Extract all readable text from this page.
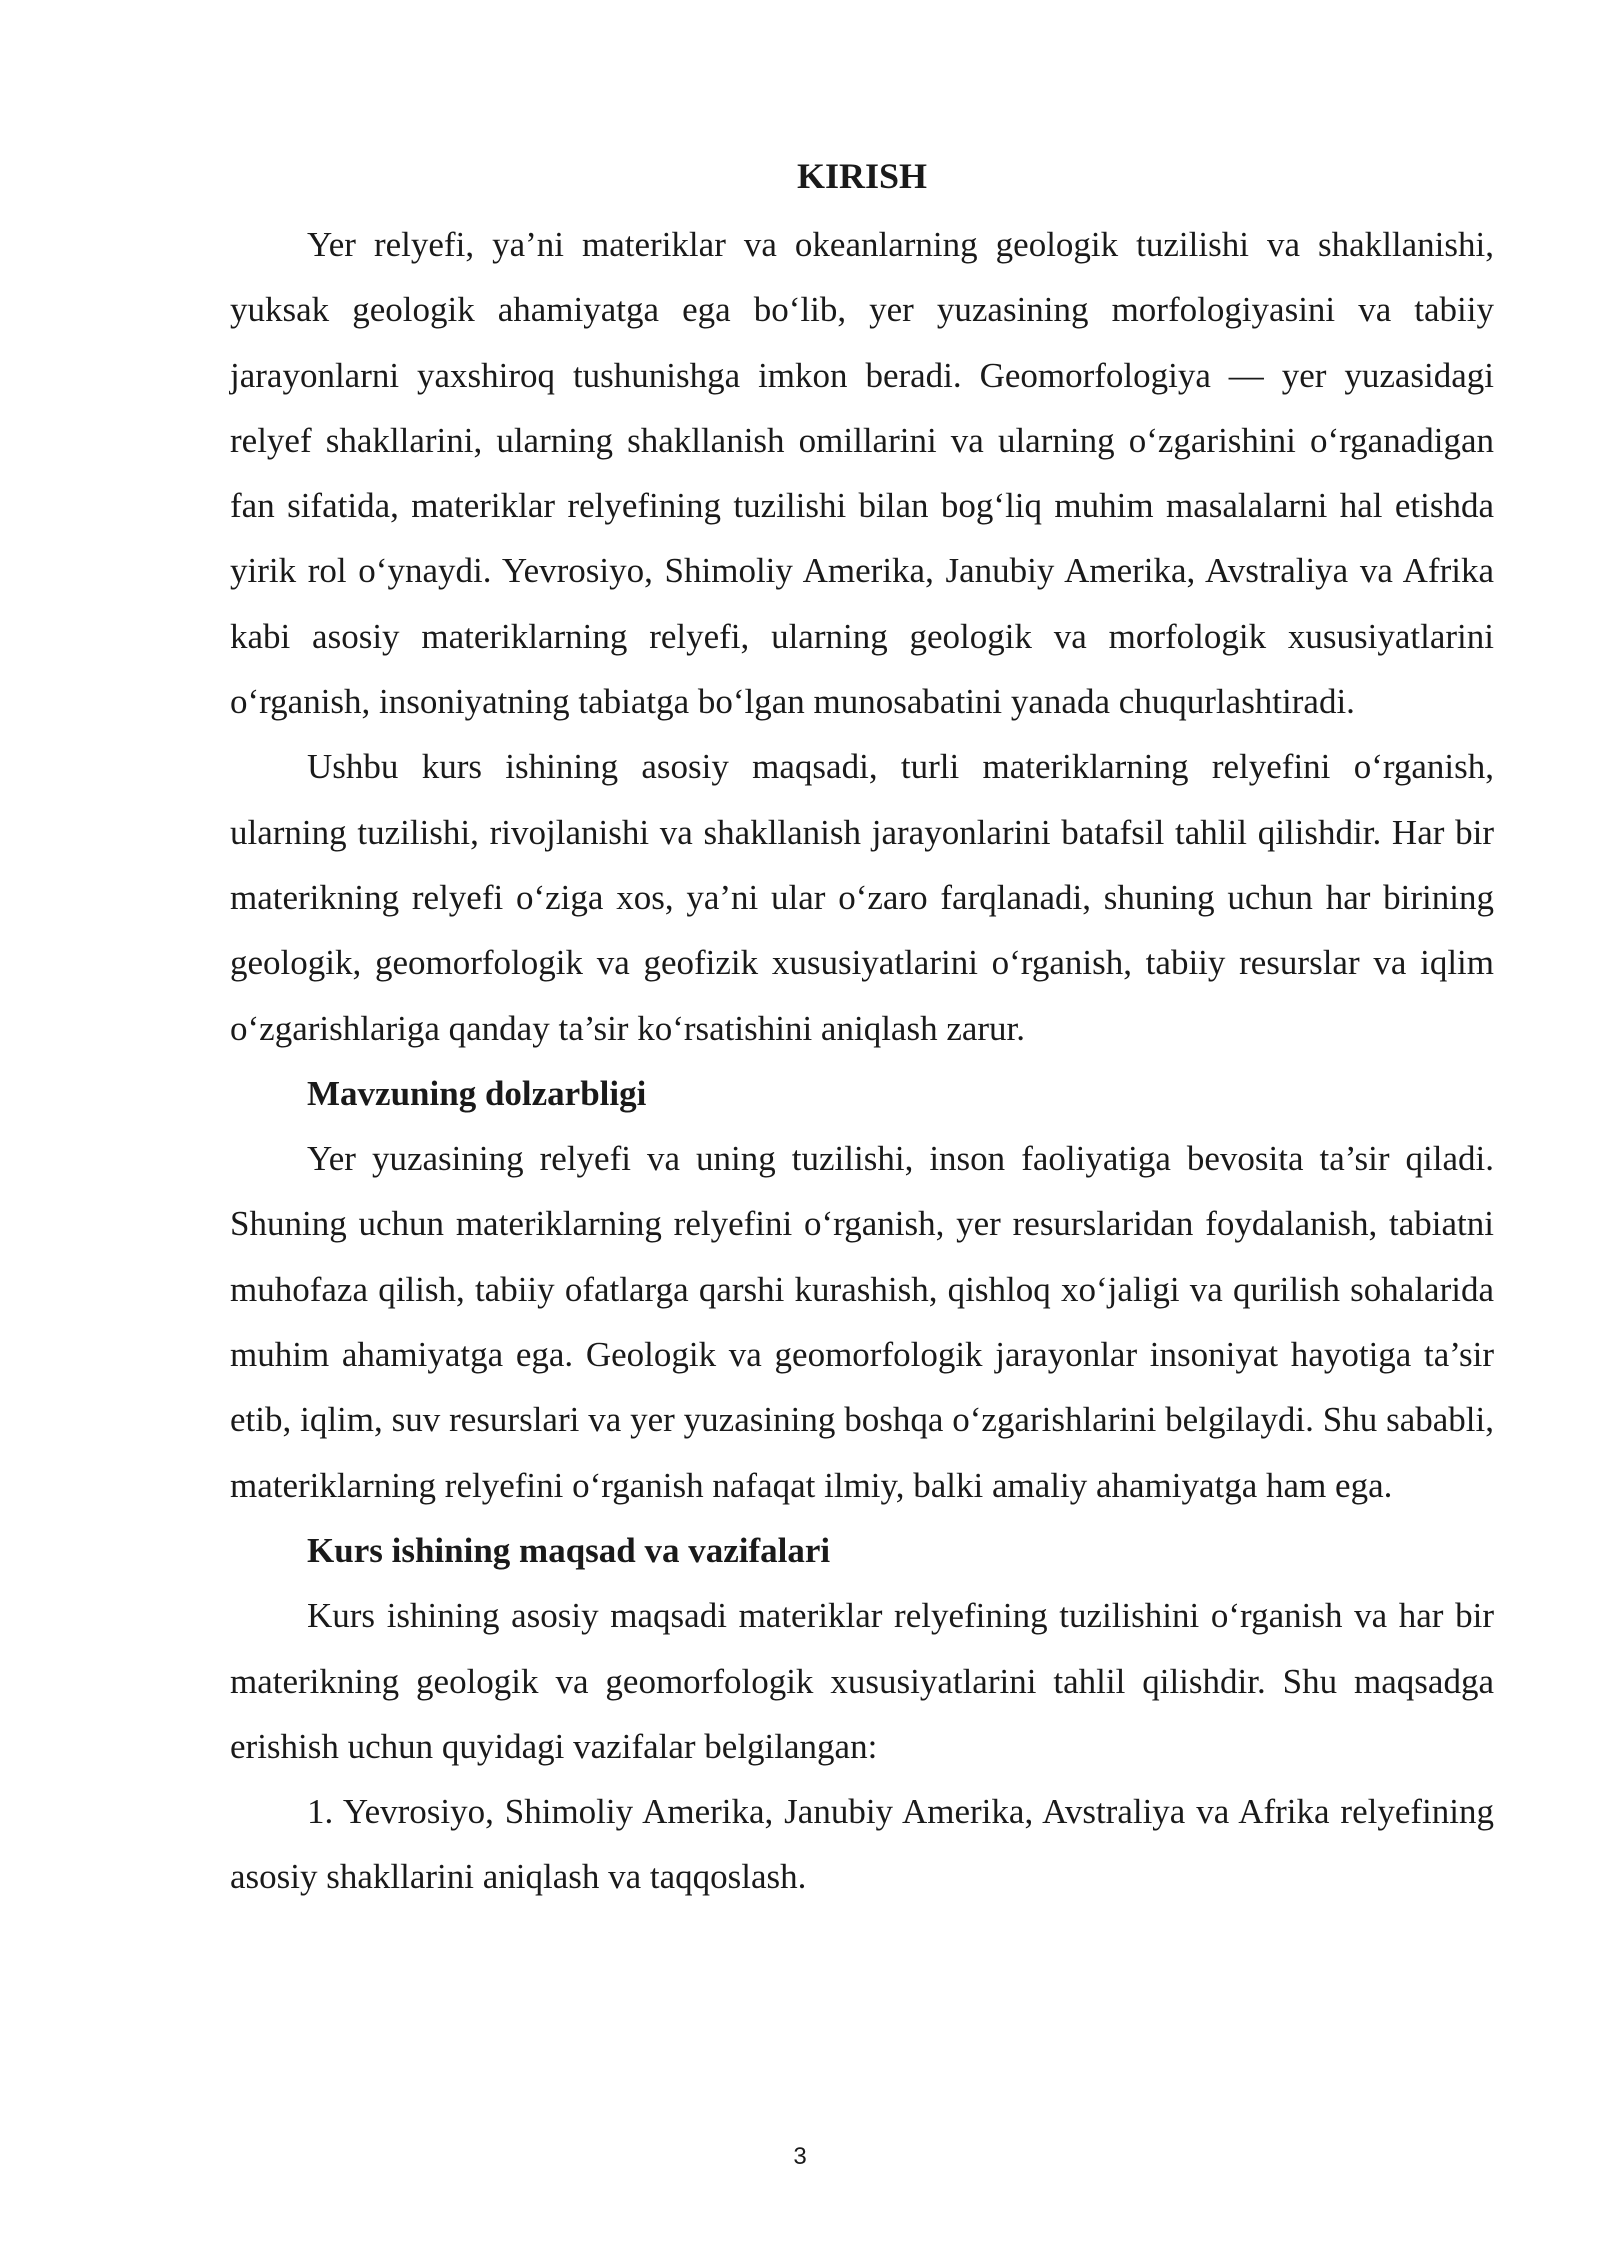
KIRISH

Yer relyefi, ya’ni materiklar va okeanlarning geologik tuzilishi va shakllanishi, yuksak geologik ahamiyatga ega bo‘lib, yer yuzasining morfologiyasini va tabiiy jarayonlarni yaxshiroq tushunishga imkon beradi. Geomorfologiya — yer yuzasidagi relyef shakllarini, ularning shakllanish omillarini va ularning o‘zgarishini o‘rganadigan fan sifatida, materiklar relyefining tuzilishi bilan bog‘liq muhim masalalarni hal etishda yirik rol o‘ynaydi. Yevrosiyo, Shimoliy Amerika, Janubiy Amerika, Avstraliya va Afrika kabi asosiy materiklarning relyefi, ularning geologik va morfologik xususiyatlarini o‘rganish, insoniyatning tabiatga bo‘lgan munosabatini yanada chuqurlashtiradi.

Ushbu kurs ishining asosiy maqsadi, turli materiklarning relyefini o‘rganish, ularning tuzilishi, rivojlanishi va shakllanish jarayonlarini batafsil tahlil qilishdir. Har bir materikning relyefi o‘ziga xos, ya’ni ular o‘zaro farqlanadi, shuning uchun har birining geologik, geomorfologik va geofizik xususiyatlarini o‘rganish, tabiiy resurslar va iqlim o‘zgarishlariga qanday ta’sir ko‘rsatishini aniqlash zarur.

Mavzuning dolzarbligi

Yer yuzasining relyefi va uning tuzilishi, inson faoliyatiga bevosita ta’sir qiladi. Shuning uchun materiklarning relyefini o‘rganish, yer resurslaridan foydalanish, tabiatni muhofaza qilish, tabiiy ofatlarga qarshi kurashish, qishloq xo‘jaligi va qurilish sohalarida muhim ahamiyatga ega. Geologik va geomorfologik jarayonlar insoniyat hayotiga ta’sir etib, iqlim, suv resurslari va yer yuzasining boshqa o‘zgarishlarini belgilaydi. Shu sababli, materiklarning relyefini o‘rganish nafaqat ilmiy, balki amaliy ahamiyatga ham ega.

Kurs ishining maqsad va vazifalari

Kurs ishining asosiy maqsadi materiklar relyefining tuzilishini o‘rganish va har bir materikning geologik va geomorfologik xususiyatlarini tahlil qilishdir. Shu maqsadga erishish uchun quyidagi vazifalar belgilangan:

1. Yevrosiyo, Shimoliy Amerika, Janubiy Amerika, Avstraliya va Afrika relyefining asosiy shakllarini aniqlash va taqqoslash.

3
